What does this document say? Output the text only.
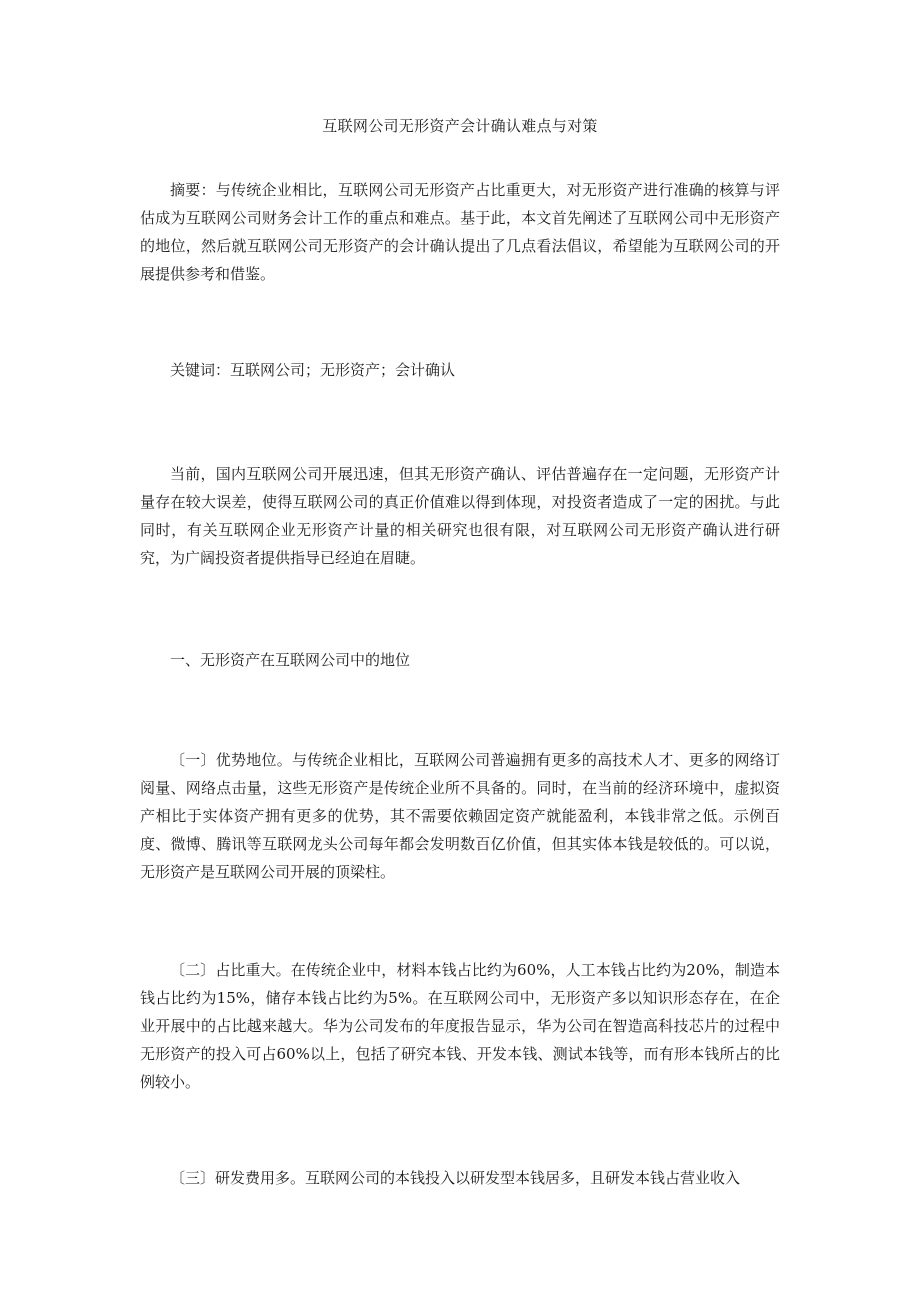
互联网公司无形资产会计确认难点与对策

摘要：与传统企业相比，互联网公司无形资产占比重更大，对无形资产进行准确的核算与评估成为互联网公司财务会计工作的重点和难点。基于此，本文首先阐述了互联网公司中无形资产的地位，然后就互联网公司无形资产的会计确认提出了几点看法倡议，希望能为互联网公司的开展提供参考和借鉴。

关键词：互联网公司；无形资产；会计确认

当前，国内互联网公司开展迅速，但其无形资产确认、评估普遍存在一定问题，无形资产计量存在较大误差，使得互联网公司的真正价值难以得到体现，对投资者造成了一定的困扰。与此同时，有关互联网企业无形资产计量的相关研究也很有限，对互联网公司无形资产确认进行研究，为广阔投资者提供指导已经迫在眉睫。

一、无形资产在互联网公司中的地位

〔一〕优势地位。与传统企业相比，互联网公司普遍拥有更多的高技术人才、更多的网络订阅量、网络点击量，这些无形资产是传统企业所不具备的。同时，在当前的经济环境中，虚拟资产相比于实体资产拥有更多的优势，其不需要依赖固定资产就能盈利，本钱非常之低。示例百度、微博、腾讯等互联网龙头公司每年都会发明数百亿价值，但其实体本钱是较低的。可以说，无形资产是互联网公司开展的顶梁柱。

〔二〕占比重大。在传统企业中，材料本钱占比约为60%，人工本钱占比约为20%，制造本钱占比约为15%，储存本钱占比约为5%。在互联网公司中，无形资产多以知识形态存在，在企业开展中的占比越来越大。华为公司发布的年度报告显示，华为公司在智造高科技芯片的过程中无形资产的投入可占60%以上，包括了研究本钱、开发本钱、测试本钱等，而有形本钱所占的比例较小。

〔三〕研发费用多。互联网公司的本钱投入以研发型本钱居多，且研发本钱占营业收入
